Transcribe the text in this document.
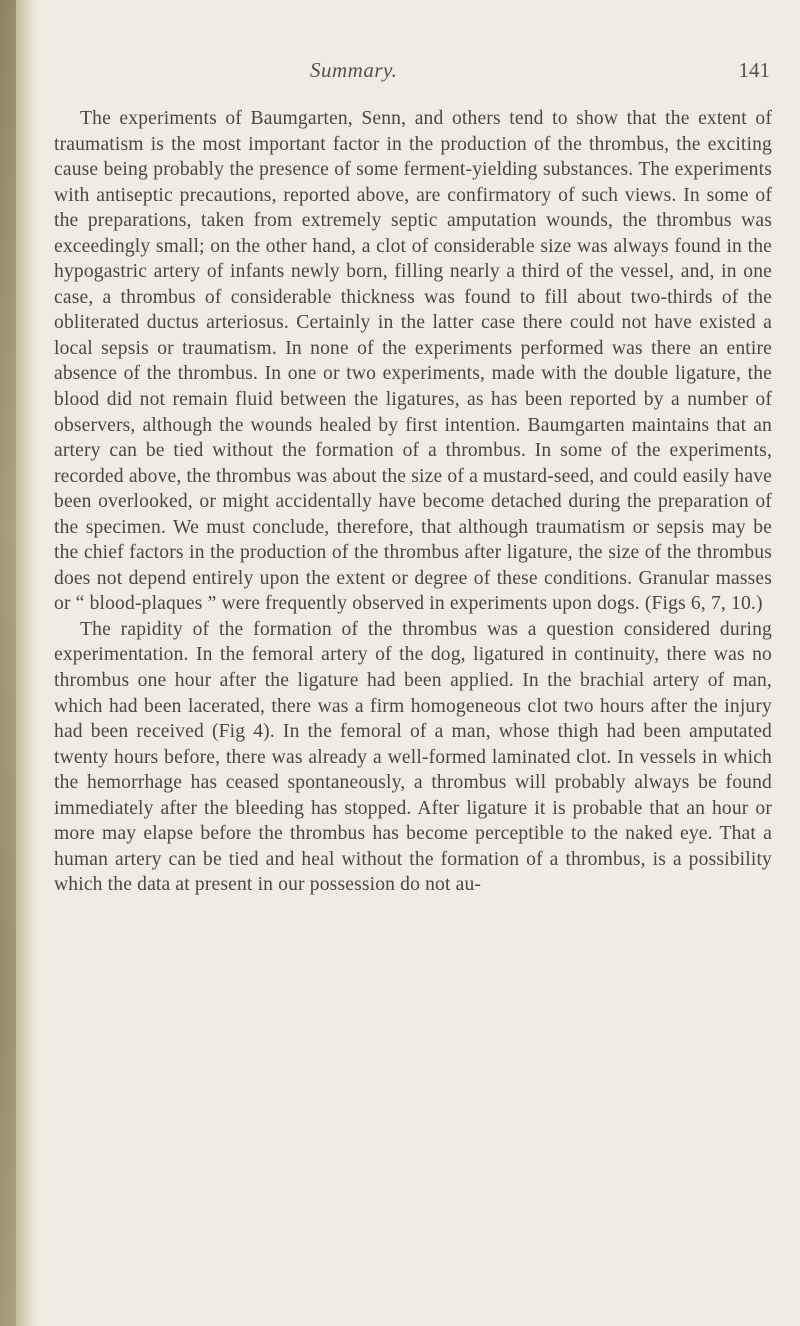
Summary.	141

The experiments of Baumgarten, Senn, and others tend to show that the extent of traumatism is the most important factor in the production of the thrombus, the exciting cause being probably the presence of some ferment-yielding substances. The experiments with antiseptic precautions, reported above, are confirmatory of such views. In some of the preparations, taken from extremely septic amputation wounds, the thrombus was exceedingly small; on the other hand, a clot of considerable size was always found in the hypogastric artery of infants newly born, filling nearly a third of the vessel, and, in one case, a thrombus of considerable thickness was found to fill about two-thirds of the obliterated ductus arteriosus. Certainly in the latter case there could not have existed a local sepsis or traumatism. In none of the experiments performed was there an entire absence of the thrombus. In one or two experiments, made with the double ligature, the blood did not remain fluid between the ligatures, as has been reported by a number of observers, although the wounds healed by first intention. Baumgarten maintains that an artery can be tied without the formation of a thrombus. In some of the experiments, recorded above, the thrombus was about the size of a mustard-seed, and could easily have been overlooked, or might accidentally have become detached during the preparation of the specimen. We must conclude, therefore, that although traumatism or sepsis may be the chief factors in the production of the thrombus after ligature, the size of the thrombus does not depend entirely upon the extent or degree of these conditions. Granular masses or “ blood-plaques ” were frequently observed in experiments upon dogs. (Figs 6, 7, 10.)

The rapidity of the formation of the thrombus was a question considered during experimentation. In the femoral artery of the dog, ligatured in continuity, there was no thrombus one hour after the ligature had been applied. In the brachial artery of man, which had been lacerated, there was a firm homogeneous clot two hours after the injury had been received (Fig 4). In the femoral of a man, whose thigh had been amputated twenty hours before, there was already a well-formed laminated clot. In vessels in which the hemorrhage has ceased spontaneously, a thrombus will probably always be found immediately after the bleeding has stopped. After ligature it is probable that an hour or more may elapse before the thrombus has become perceptible to the naked eye. That a human artery can be tied and heal without the formation of a thrombus, is a possibility which the data at present in our possession do not au-
